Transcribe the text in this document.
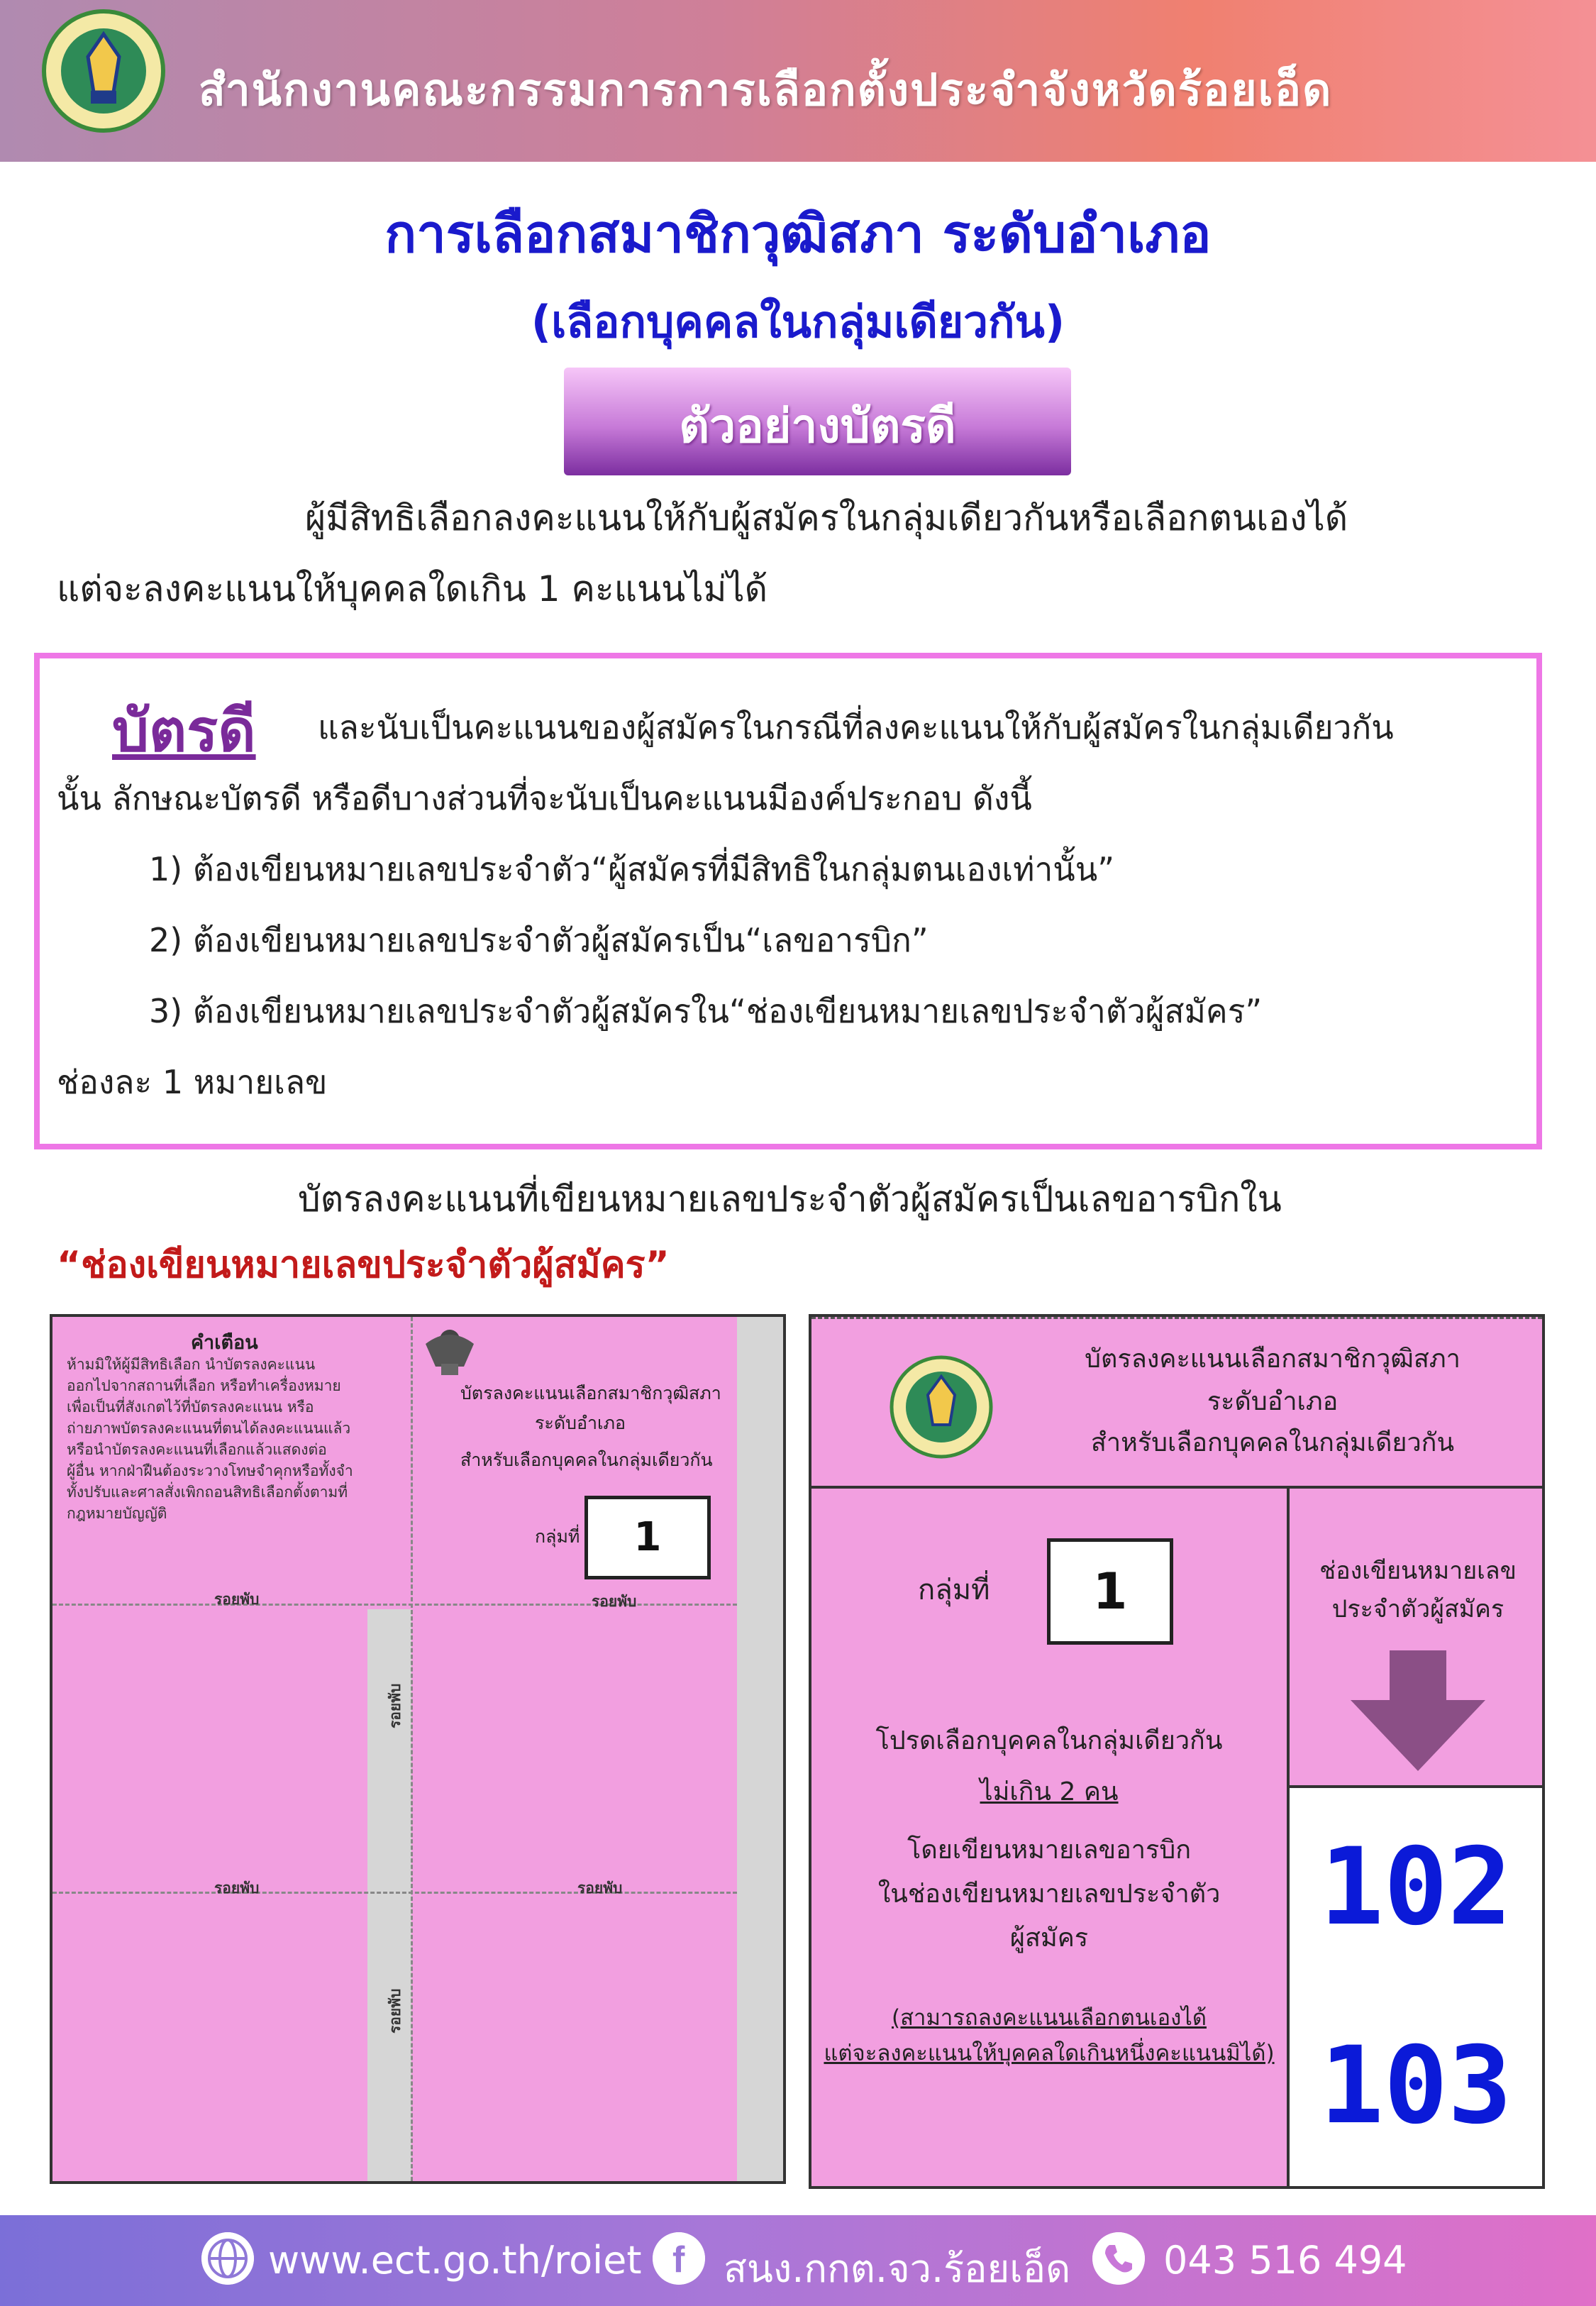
สำนักงานคณะกรรมการการเลือกตั้งประจำจังหวัดร้อยเอ็ด
การเลือกสมาชิกวุฒิสภา ระดับอำเภอ
(เลือกบุคคลในกลุ่มเดียวกัน)
ตัวอย่างบัตรดี
ผู้มีสิทธิเลือกลงคะแนนให้กับผู้สมัครในกลุ่มเดียวกันหรือเลือกตนเองได้
แต่จะลงคะแนนให้บุคคลใดเกิน 1 คะแนนไม่ได้
บัตรดี และนับเป็นคะแนนของผู้สมัครในกรณีที่ลงคะแนนให้กับผู้สมัครในกลุ่มเดียวกัน
นั้น ลักษณะบัตรดี หรือดีบางส่วนที่จะนับเป็นคะแนนมีองค์ประกอบ ดังนี้
1) ต้องเขียนหมายเลขประจำตัว“ผู้สมัครที่มีสิทธิในกลุ่มตนเองเท่านั้น”
2) ต้องเขียนหมายเลขประจำตัวผู้สมัครเป็น“เลขอารบิก”
3) ต้องเขียนหมายเลขประจำตัวผู้สมัครใน“ช่องเขียนหมายเลขประจำตัวผู้สมัคร”
ช่องละ 1 หมายเลข
บัตรลงคะแนนที่เขียนหมายเลขประจำตัวผู้สมัครเป็นเลขอารบิกใน
“ช่องเขียนหมายเลขประจำตัวผู้สมัคร”
คำเตือน
ห้ามมิให้ผู้มีสิทธิเลือก นำบัตรลงคะแนน
ออกไปจากสถานที่เลือก หรือทำเครื่องหมาย
เพื่อเป็นที่สังเกตไว้ที่บัตรลงคะแนน หรือ
ถ่ายภาพบัตรลงคะแนนที่ตนได้ลงคะแนนแล้ว
หรือนำบัตรลงคะแนนที่เลือกแล้วแสดงต่อ
ผู้อื่น หากฝ่าฝืนต้องระวางโทษจำคุกหรือทั้งจำ
ทั้งปรับและศาลสั่งเพิกถอนสิทธิเลือกตั้งตามที่
กฎหมายบัญญัติ
บัตรลงคะแนนเลือกสมาชิกวุฒิสภา
ระดับอำเภอ
สำหรับเลือกบุคคลในกลุ่มเดียวกัน
กลุ่มที่	1
รอยพับ	รอยพับ
รอยพับ	รอยพับ
รอยพับ
รอยพับ
บัตรลงคะแนนเลือกสมาชิกวุฒิสภา
ระดับอำเภอ
สำหรับเลือกบุคคลในกลุ่มเดียวกัน
กลุ่มที่	1	ช่องเขียนหมายเลข
ประจำตัวผู้สมัคร
โปรดเลือกบุคคลในกลุ่มเดียวกัน
ไม่เกิน 2 คน
โดยเขียนหมายเลขอารบิก
ในช่องเขียนหมายเลขประจำตัว
ผู้สมัคร
(สามารถลงคะแนนเลือกตนเองได้
แต่จะลงคะแนนให้บุคคลใดเกินหนึ่งคะแนนมิได้)
102
103
www.ect.go.th/roiet f สนง.กกต.จว.ร้อยเอ็ด 043 516 494
